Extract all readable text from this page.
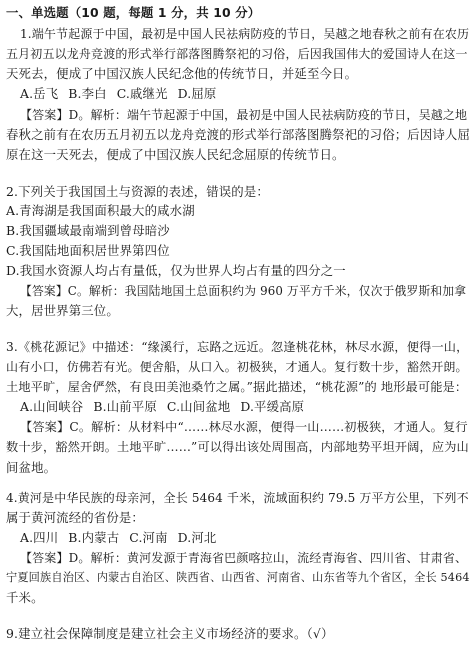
一、单选题（10 题，每题 1 分，共 10 分）
1.端午节起源于中国，最初是中国人民祛病防疫的节日，吴越之地春秋之前有在农历
五月初五以龙舟竞渡的形式举行部落图腾祭祀的习俗，后因我国伟大的爱国诗人在这一
天死去，便成了中国汉族人民纪念他的传统节日，并延至今日。
A.岳飞 B.李白 C.戚继光 D.屈原
【答案】D。解析：端午节起源于中国，最初是中国人民祛病防疫的节日，吴越之地
春秋之前有在农历五月初五以龙舟竞渡的形式举行部落图腾祭祀的习俗；后因诗人屈
原在这一天死去，便成了中国汉族人民纪念屈原的传统节日。
2.下列关于我国国土与资源的表述，错误的是：
A.青海湖是我国面积最大的咸水湖
B.我国疆域最南端到曾母暗沙
C.我国陆地面积居世界第四位
D.我国水资源人均占有量低，仅为世界人均占有量的四分之一
【答案】C。解析：我国陆地国土总面积约为 960 万平方千米，仅次于俄罗斯和加拿
大，居世界第三位。
3.《桃花源记》中描述：“缘溪行，忘路之远近。忽逢桃花林，林尽水源，便得一山，
山有小口，仿佛若有光。便舍船，从口入。初极狭，才通人。复行数十步，豁然开朗。
土地平旷，屋舍俨然，有良田美池桑竹之属。”据此描述，“桃花源”的 地形最可能是：
A.山间峡谷 B.山前平原 C.山间盆地 D.平缓高原
【答案】C。解析：从材料中“……林尽水源，便得一山……初极狭，才通人。复行
数十步，豁然开朗。土地平旷……”可以得出该处周围高，内部地势平坦开阔，应为山
间盆地。
4.黄河是中华民族的母亲河，全长 5464 千米，流域面积约 79.5 万平方公里，下列不
属于黄河流经的省份是：
A.四川 B.内蒙古 C.河南 D.河北
【答案】D。解析：黄河发源于青海省巴颜喀拉山，流经青海省、四川省、甘肃省、
宁夏回族自治区、内蒙古自治区、陕西省、山西省、河南省、山东省等九个省区，全长 5464
千米。
9.建立社会保障制度是建立社会主义市场经济的要求。（√）
